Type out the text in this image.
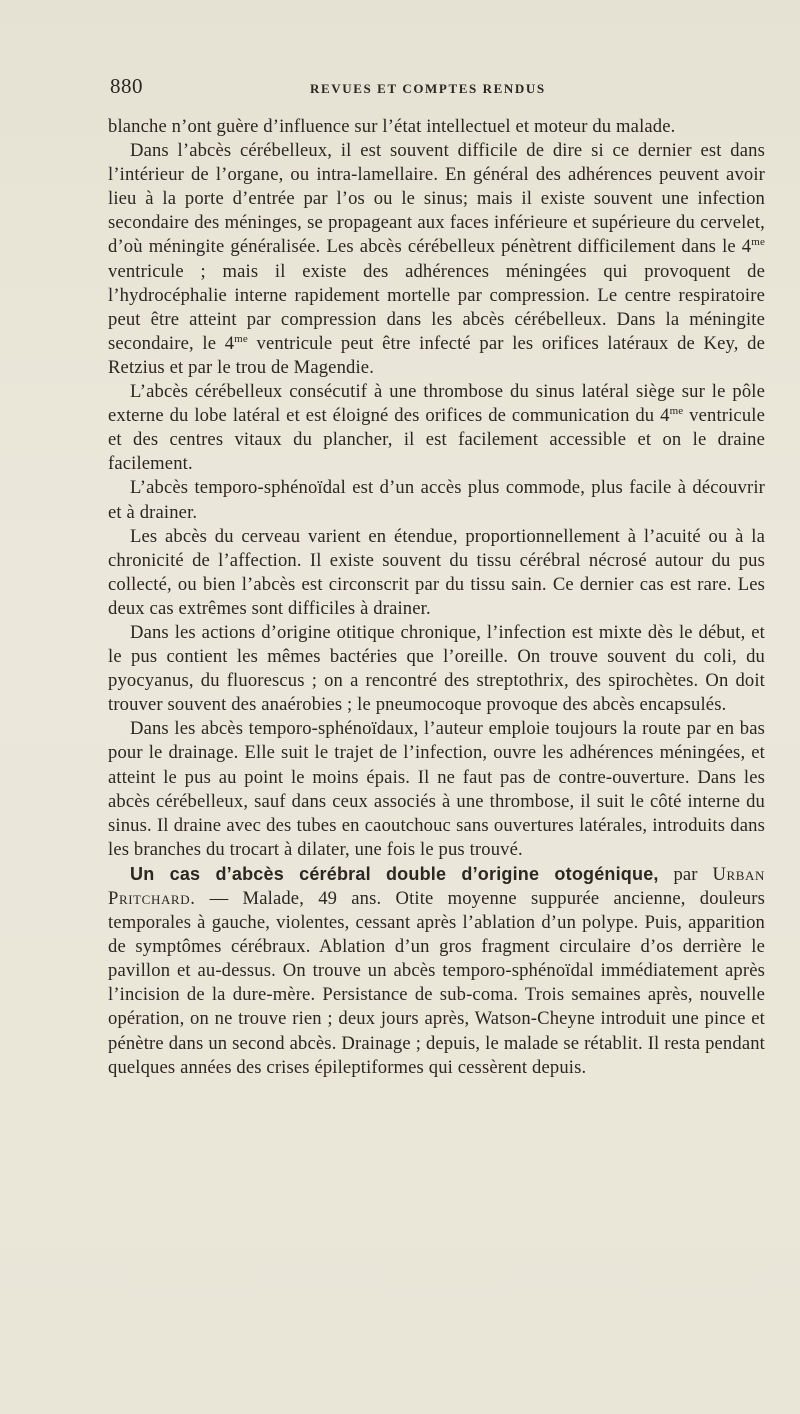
880	REVUES ET COMPTES RENDUS

blanche n’ont guère d’influence sur l’état intellectuel et moteur du malade.

Dans l’abcès cérébelleux, il est souvent difficile de dire si ce dernier est dans l’intérieur de l’organe, ou intra-lamellaire. En général des adhérences peuvent avoir lieu à la porte d’entrée par l’os ou le sinus; mais il existe souvent une infection secondaire des méninges, se propageant aux faces inférieure et supérieure du cervelet, d’où méningite généralisée. Les abcès cérébelleux pénètrent difficilement dans le $4^{me}$ ventricule ; mais il existe des adhérences méningées qui provoquent de l’hydrocéphalie interne rapidement mortelle par compression. Le centre respiratoire peut être atteint par compression dans les abcès cérébelleux. Dans la méningite secondaire, le $4^{me}$ ventricule peut être infecté par les orifices latéraux de Key, de Retzius et par le trou de Magendie.

L’abcès cérébelleux consécutif à une thrombose du sinus latéral siège sur le pôle externe du lobe latéral et est éloigné des orifices de communication du $4^{me}$ ventricule et des centres vitaux du plancher, il est facilement accessible et on le draine facilement.

L’abcès temporo-sphénoïdal est d’un accès plus commode, plus facile à découvrir et à drainer.

Les abcès du cerveau varient en étendue, proportionnellement à l’acuité ou à la chronicité de l’affection. Il existe souvent du tissu cérébral nécrosé autour du pus collecté, ou bien l’abcès est circonscrit par du tissu sain. Ce dernier cas est rare. Les deux cas extrêmes sont difficiles à drainer.

Dans les actions d’origine otitique chronique, l’infection est mixte dès le début, et le pus contient les mêmes bactéries que l’oreille. On trouve souvent du coli, du pyocyanus, du fluorescus ; on a rencontré des streptothrix, des spirochètes. On doit trouver souvent des anaérobies ; le pneumocoque provoque des abcès encapsulés.

Dans les abcès temporo-sphénoïdaux, l’auteur emploie toujours la route par en bas pour le drainage. Elle suit le trajet de l’infection, ouvre les adhérences méningées, et atteint le pus au point le moins épais. Il ne faut pas de contre-ouverture. Dans les abcès cérébelleux, sauf dans ceux associés à une thrombose, il suit le côté interne du sinus. Il draine avec des tubes en caoutchouc sans ouvertures latérales, introduits dans les branches du trocart à dilater, une fois le pus trouvé.

Un cas d’abcès cérébral double d’origine otogénique, par Urban Pritchard. — Malade, 49 ans. Otite moyenne suppurée ancienne, douleurs temporales à gauche, violentes, cessant après l’ablation d’un polype. Puis, apparition de symptômes cérébraux. Ablation d’un gros fragment circulaire d’os derrière le pavillon et au-dessus. On trouve un abcès temporo-sphénoïdal immédiatement après l’incision de la dure-mère. Persistance de sub-coma. Trois semaines après, nouvelle opération, on ne trouve rien ; deux jours après, Watson-Cheyne introduit une pince et pénètre dans un second abcès. Drainage ; depuis, le malade se rétablit. Il resta pendant quelques années des crises épileptiformes qui cessèrent depuis.
